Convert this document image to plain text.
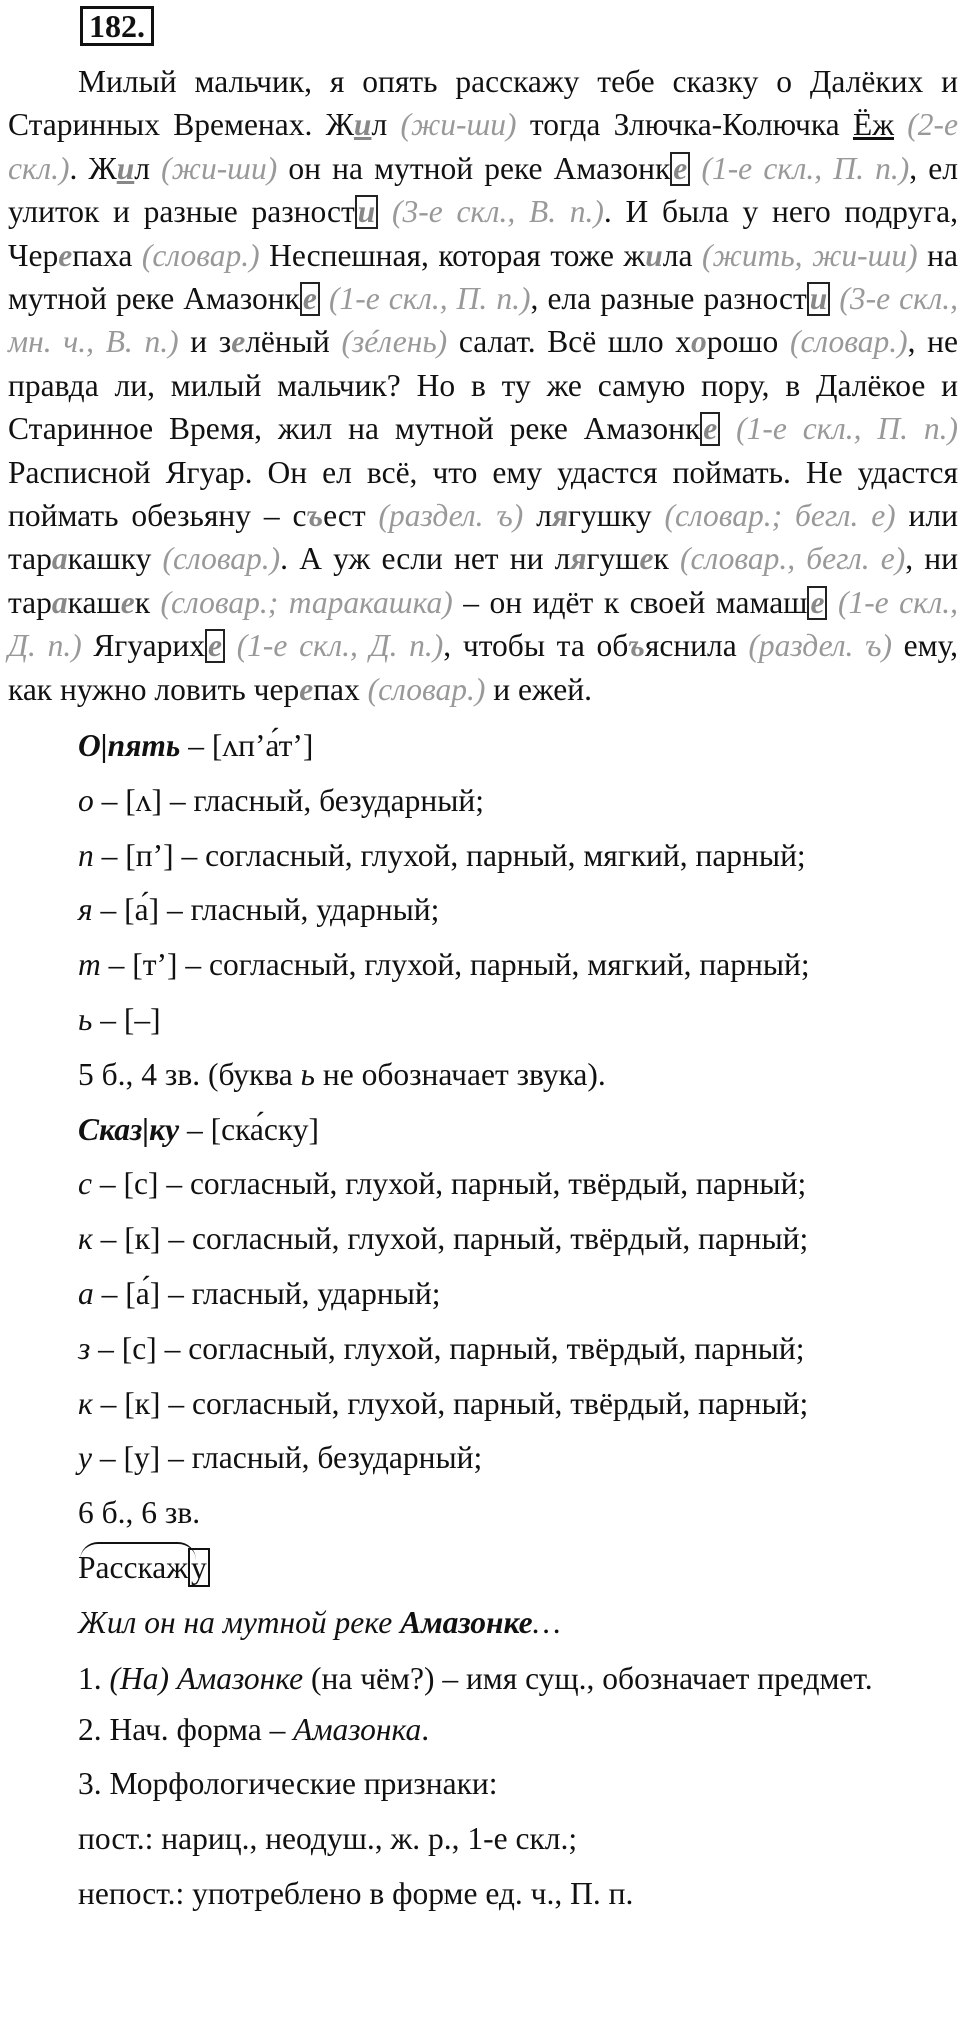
182.

Милый мальчик, я опять расскажу тебе сказку о Далёких и Старинных Временах. Жил (жи-ши) тогда Злючка-Колючка Ёж (2-е скл.). Жил (жи-ши) он на мутной реке Амазонке (1-е скл., П. п.), ел улиток и разные разности (3-е скл., В. п.). И была у него подруга, Черепаха (словар.) Неспешная, которая тоже жила (жить, жи-ши) на мутной реке Амазонке (1-е скл., П. п.), ела разные разности (3-е скл., мн. ч., В. п.) и зелёный (зéлень) салат. Всё шло хорошо (словар.), не правда ли, милый мальчик? Но в ту же самую пору, в Далёкое и Старинное Время, жил на мутной реке Амазонке (1-е скл., П. п.) Расписной Ягуар. Он ел всё, что ему удастся поймать. Не удастся поймать обезьяну – съест (раздел. ъ) лягушку (словар.; бегл. е) или таракашку (словар.). А уж если нет ни лягушек (словар., бегл. е), ни таракашек (словар.; таракашка) – он идёт к своей мамаше (1-е скл., Д. п.) Ягуарихе (1-е скл., Д. п.), чтобы та объяснила (раздел. ъ) ему, как нужно ловить черепах (словар.) и ежей.

О|пять – [ʌп’а́т’]
о – [ʌ] – гласный, безударный;
п – [п’] – согласный, глухой, парный, мягкий, парный;
я – [а́] – гласный, ударный;
т – [т’] – согласный, глухой, парный, мягкий, парный;
ь – [–]
5 б., 4 зв. (буква ь не обозначает звука).
Сказ|ку – [ска́ску]
с – [с] – согласный, глухой, парный, твёрдый, парный;
к – [к] – согласный, глухой, парный, твёрдый, парный;
а – [а́] – гласный, ударный;
з – [с] – согласный, глухой, парный, твёрдый, парный;
к – [к] – согласный, глухой, парный, твёрдый, парный;
у – [у] – гласный, безударный;
6 б., 6 зв.
Расскажу
Жил он на мутной реке Амазонке…
1. (На) Амазонке (на чём?) – имя сущ., обозначает предмет.
2. Нач. форма – Амазонка.
3. Морфологические признаки:
пост.: нариц., неодуш., ж. р., 1-е скл.;
непост.: употреблено в форме ед. ч., П. п.
